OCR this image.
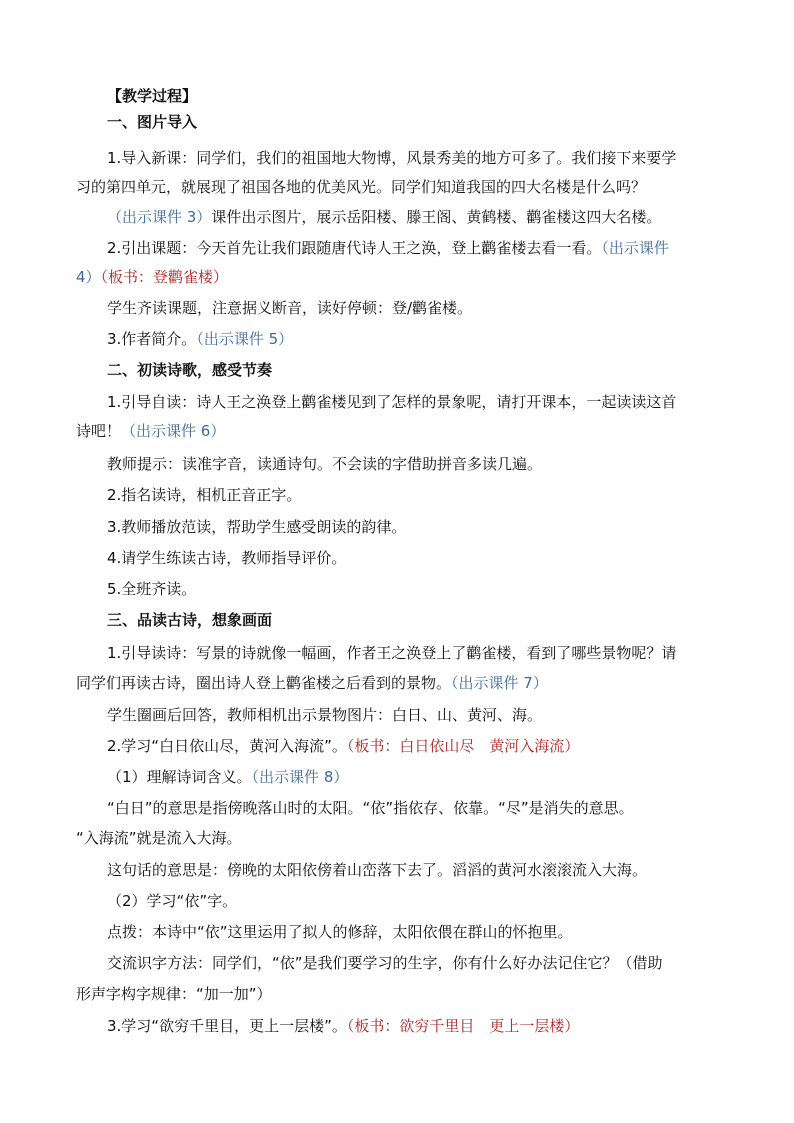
【教学过程】
一、图片导入
1.导入新课：同学们，我们的祖国地大物博，风景秀美的地方可多了。我们接下来要学
习的第四单元，就展现了祖国各地的优美风光。同学们知道我国的四大名楼是什么吗？
（出示课件 3）课件出示图片，展示岳阳楼、滕王阁、黄鹤楼、鹳雀楼这四大名楼。
2.引出课题：今天首先让我们跟随唐代诗人王之涣，登上鹳雀楼去看一看。（出示课件
4）（板书：登鹳雀楼）
学生齐读课题，注意据义断音，读好停顿：登/鹳雀楼。
3.作者简介。（出示课件 5）
二、初读诗歌，感受节奏
1.引导自读：诗人王之涣登上鹳雀楼见到了怎样的景象呢，请打开课本，一起读读这首
诗吧！（出示课件 6）
教师提示：读准字音，读通诗句。不会读的字借助拼音多读几遍。
2.指名读诗，相机正音正字。
3.教师播放范读，帮助学生感受朗读的韵律。
4.请学生练读古诗，教师指导评价。
5.全班齐读。
三、品读古诗，想象画面
1.引导读诗：写景的诗就像一幅画，作者王之涣登上了鹳雀楼，看到了哪些景物呢？请
同学们再读古诗，圈出诗人登上鹳雀楼之后看到的景物。（出示课件 7）
学生圈画后回答，教师相机出示景物图片：白日、山、黄河、海。
2.学习“白日依山尽，黄河入海流”。（板书：白日依山尽　黄河入海流）
（1）理解诗词含义。（出示课件 8）
“白日”的意思是指傍晚落山时的太阳。“依”指依存、依靠。“尽”是消失的意思。
“入海流”就是流入大海。
这句话的意思是：傍晚的太阳依傍着山峦落下去了。滔滔的黄河水滚滚流入大海。
（2）学习“依”字。
点拨：本诗中“依”这里运用了拟人的修辞，太阳依偎在群山的怀抱里。
交流识字方法：同学们，“依”是我们要学习的生字，你有什么好办法记住它？（借助
形声字构字规律：“加一加”）
3.学习“欲穷千里目，更上一层楼”。（板书：欲穷千里目　更上一层楼）
